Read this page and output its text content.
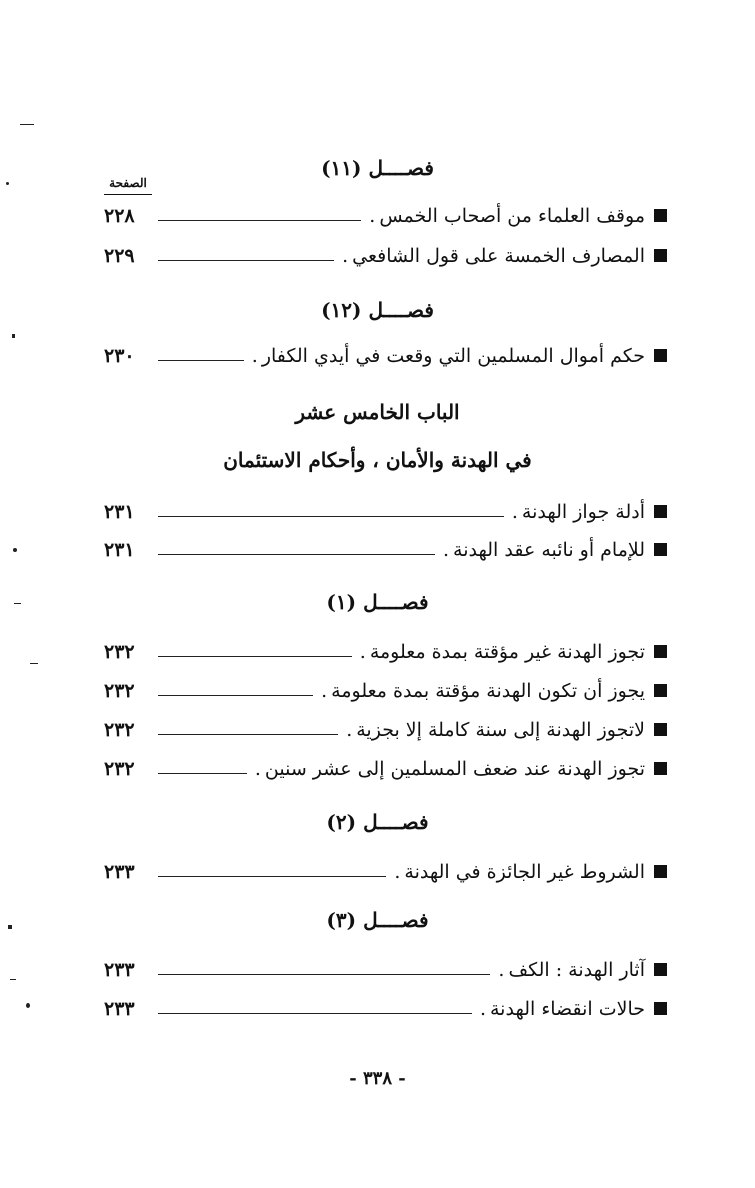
فصــــل (١١)
الصفحة
موقف العلماء من أصحاب الخمس
.
٢٢٨
المصارف الخمسة على قول الشافعي
.
٢٢٩
فصــــل (١٢)
حكم أموال المسلمين التي وقعت في أيدي الكفار
.
٢٣٠
الباب الخامس عشر
في الهدنة والأمان ، وأحكام الاستئمان
أدلة جواز الهدنة
.
٢٣١
للإمام أو نائبه عقد الهدنة
.
٢٣١
فصــــل (١)
تجوز الهدنة غير مؤقتة بمدة معلومة
.
٢٣٢
يجوز أن تكون الهدنة مؤقتة بمدة معلومة
.
٢٣٢
لاتجوز الهدنة إلى سنة كاملة إلا بجزية
.
٢٣٢
تجوز الهدنة عند ضعف المسلمين إلى عشر سنين
.
٢٣٢
فصــــل (٢)
الشروط غير الجائزة في الهدنة
.
٢٣٣
فصــــل (٣)
آثار الهدنة : الكف
.
٢٣٣
حالات انقضاء الهدنة
.
٢٣٣
- ٣٣٨ -
